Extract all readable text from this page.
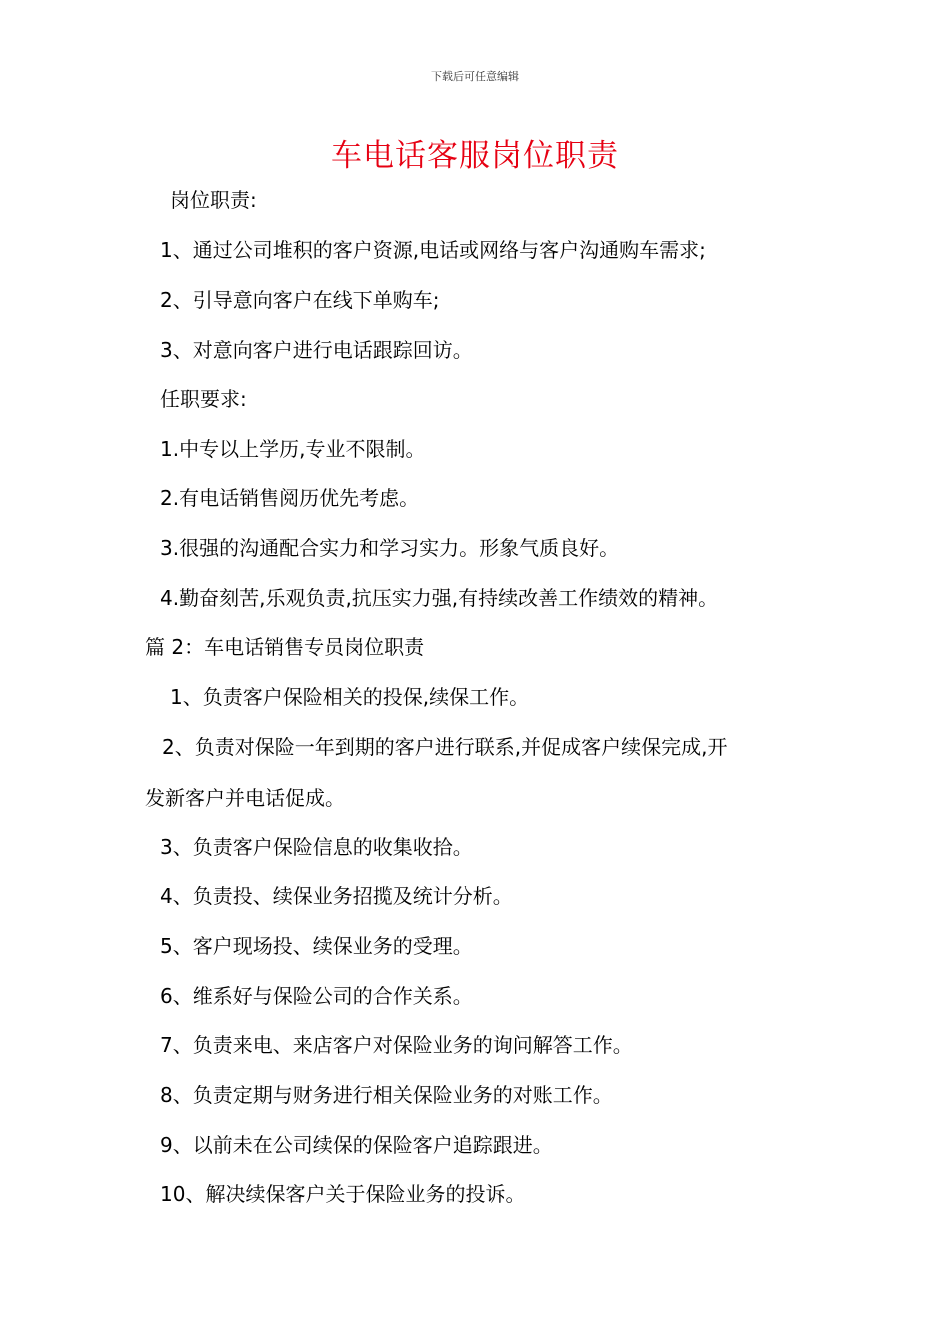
下载后可任意编辑
车电话客服岗位职责
岗位职责:
1、通过公司堆积的客户资源,电话或网络与客户沟通购车需求;
2、引导意向客户在线下单购车;
3、对意向客户进行电话跟踪回访。
任职要求:
1.中专以上学历,专业不限制。
2.有电话销售阅历优先考虑。
3.很强的沟通配合实力和学习实力。形象气质良好。
4.勤奋刻苦,乐观负责,抗压实力强,有持续改善工作绩效的精神。
篇 2：车电话销售专员岗位职责
1、负责客户保险相关的投保,续保工作。
2、负责对保险一年到期的客户进行联系,并促成客户续保完成,开
发新客户并电话促成。
3、负责客户保险信息的收集收拾。
4、负责投、续保业务招揽及统计分析。
5、客户现场投、续保业务的受理。
6、维系好与保险公司的合作关系。
7、负责来电、来店客户对保险业务的询问解答工作。
8、负责定期与财务进行相关保险业务的对账工作。
9、以前未在公司续保的保险客户追踪跟进。
10、解决续保客户关于保险业务的投诉。
